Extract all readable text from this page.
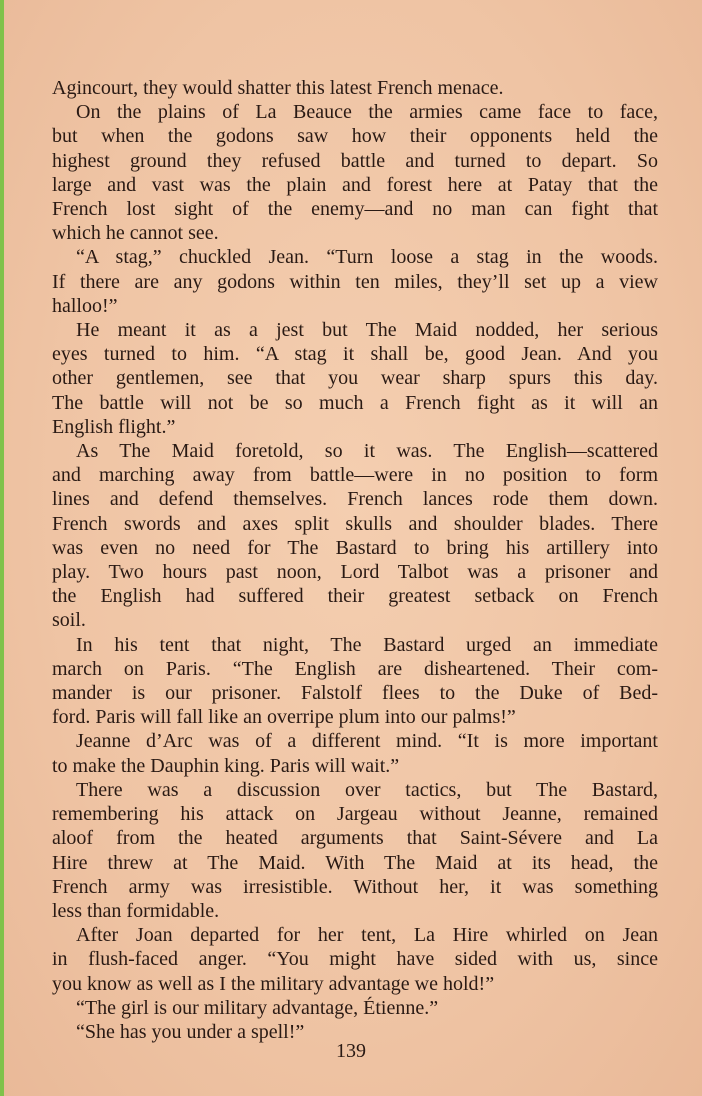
Agincourt, they would shatter this latest French menace.

On the plains of La Beauce the armies came face to face,
but when the godons saw how their opponents held the
highest ground they refused battle and turned to depart. So
large and vast was the plain and forest here at Patay that the
French lost sight of the enemy—and no man can fight that
which he cannot see.

“A stag,” chuckled Jean. “Turn loose a stag in the woods.
If there are any godons within ten miles, they’ll set up a view
halloo!”

He meant it as a jest but The Maid nodded, her serious
eyes turned to him. “A stag it shall be, good Jean. And you
other gentlemen, see that you wear sharp spurs this day.
The battle will not be so much a French fight as it will an
English flight.”

As The Maid foretold, so it was. The English—scattered
and marching away from battle—were in no position to form
lines and defend themselves. French lances rode them down.
French swords and axes split skulls and shoulder blades. There
was even no need for The Bastard to bring his artillery into
play. Two hours past noon, Lord Talbot was a prisoner and
the English had suffered their greatest setback on French
soil.

In his tent that night, The Bastard urged an immediate
march on Paris. “The English are disheartened. Their com-
mander is our prisoner. Falstolf flees to the Duke of Bed-
ford. Paris will fall like an overripe plum into our palms!”

Jeanne d’Arc was of a different mind. “It is more important
to make the Dauphin king. Paris will wait.”

There was a discussion over tactics, but The Bastard,
remembering his attack on Jargeau without Jeanne, remained
aloof from the heated arguments that Saint-Sévere and La
Hire threw at The Maid. With The Maid at its head, the
French army was irresistible. Without her, it was something
less than formidable.

After Joan departed for her tent, La Hire whirled on Jean
in flush-faced anger. “You might have sided with us, since
you know as well as I the military advantage we hold!”

“The girl is our military advantage, Étienne.”

“She has you under a spell!”

139
